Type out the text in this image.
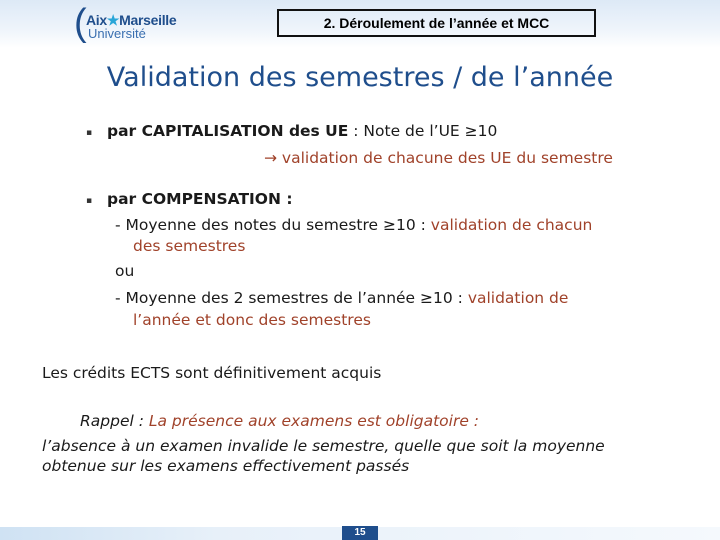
( Aix★Marseille
Université
2. Déroulement de l’année et MCC
Validation des semestres / de l’année
▪ par CAPITALISATION des UE : Note de l’UE ≥10
→ validation de chacune des UE du semestre
▪ par COMPENSATION :
- Moyenne des notes du semestre ≥10 : validation de chacun
des semestres
ou
- Moyenne des 2 semestres de l’année ≥10 : validation de
l’année et donc des semestres
Les crédits ECTS sont définitivement acquis
Rappel : La présence aux examens est obligatoire :
l’absence à un examen invalide le semestre, quelle que soit la moyenne
obtenue sur les examens effectivement passés
15
